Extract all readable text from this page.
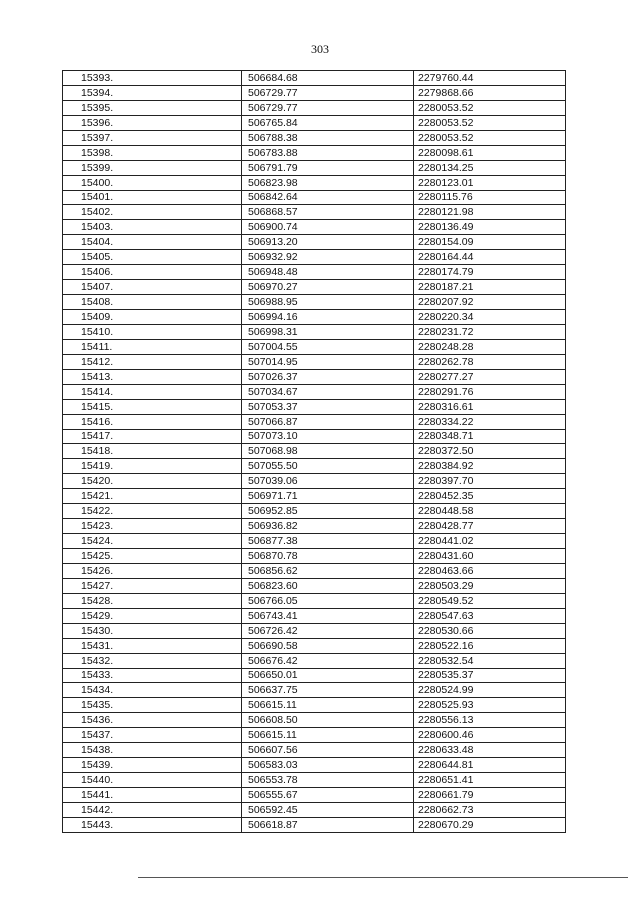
303
15393.	506684.68	2279760.44
15394.	506729.77	2279868.66
15395.	506729.77	2280053.52
15396.	506765.84	2280053.52
15397.	506788.38	2280053.52
15398.	506783.88	2280098.61
15399.	506791.79	2280134.25
15400.	506823.98	2280123.01
15401.	506842.64	2280115.76
15402.	506868.57	2280121.98
15403.	506900.74	2280136.49
15404.	506913.20	2280154.09
15405.	506932.92	2280164.44
15406.	506948.48	2280174.79
15407.	506970.27	2280187.21
15408.	506988.95	2280207.92
15409.	506994.16	2280220.34
15410.	506998.31	2280231.72
15411.	507004.55	2280248.28
15412.	507014.95	2280262.78
15413.	507026.37	2280277.27
15414.	507034.67	2280291.76
15415.	507053.37	2280316.61
15416.	507066.87	2280334.22
15417.	507073.10	2280348.71
15418.	507068.98	2280372.50
15419.	507055.50	2280384.92
15420.	507039.06	2280397.70
15421.	506971.71	2280452.35
15422.	506952.85	2280448.58
15423.	506936.82	2280428.77
15424.	506877.38	2280441.02
15425.	506870.78	2280431.60
15426.	506856.62	2280463.66
15427.	506823.60	2280503.29
15428.	506766.05	2280549.52
15429.	506743.41	2280547.63
15430.	506726.42	2280530.66
15431.	506690.58	2280522.16
15432.	506676.42	2280532.54
15433.	506650.01	2280535.37
15434.	506637.75	2280524.99
15435.	506615.11	2280525.93
15436.	506608.50	2280556.13
15437.	506615.11	2280600.46
15438.	506607.56	2280633.48
15439.	506583.03	2280644.81
15440.	506553.78	2280651.41
15441.	506555.67	2280661.79
15442.	506592.45	2280662.73
15443.	506618.87	2280670.29
